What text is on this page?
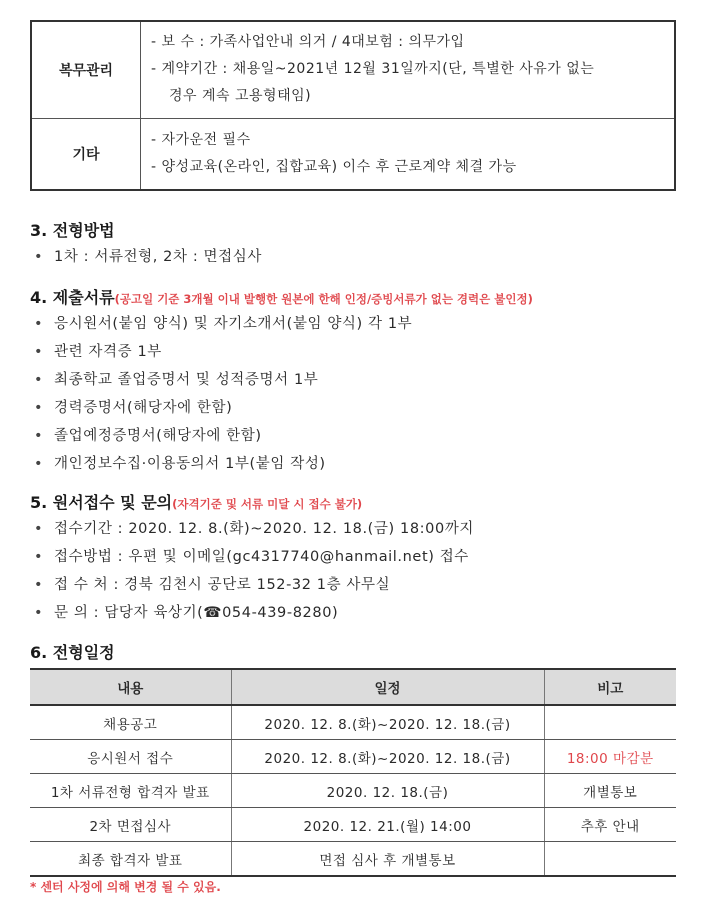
복무관리	- 보 수 : 가족사업안내 의거 / 4대보험 : 의무가입
- 계약기간 : 채용일~2021년 12월 31일까지(단, 특별한 사유가 없는
경우 계속 고용형태임)

기타	- 자가운전 필수
- 양성교육(온라인, 집합교육) 이수 후 근로계약 체결 가능
3. 전형방법
• 1차 : 서류전형, 2차 : 면접심사
4. 제출서류(공고일 기준 3개월 이내 발행한 원본에 한해 인정/증빙서류가 없는 경력은 불인정)
• 응시원서(붙임 양식) 및 자기소개서(붙임 양식) 각 1부
• 관련 자격증 1부
• 최종학교 졸업증명서 및 성적증명서 1부
• 경력증명서(해당자에 한함)
• 졸업예정증명서(해당자에 한함)
• 개인정보수집·이용동의서 1부(붙임 작성)
5. 원서접수 및 문의(자격기준 및 서류 미달 시 접수 불가)
• 접수기간 : 2020. 12. 8.(화)~2020. 12. 18.(금) 18:00까지
• 접수방법 : 우편 및 이메일(gc4317740@hanmail.net) 접수
• 접 수 처 : 경북 김천시 공단로 152-32 1층 사무실
• 문 의 : 담당자 육상기(☎054-439-8280)
6. 전형일정
내용	일정	비고
채용공고	2020. 12. 8.(화)~2020. 12. 18.(금)	
응시원서 접수	2020. 12. 8.(화)~2020. 12. 18.(금)	18:00 마감분
1차 서류전형 합격자 발표	2020. 12. 18.(금)	개별통보
2차 면접심사	2020. 12. 21.(월) 14:00	추후 안내
최종 합격자 발표	면접 심사 후 개별통보	
* 센터 사정에 의해 변경 될 수 있음.
